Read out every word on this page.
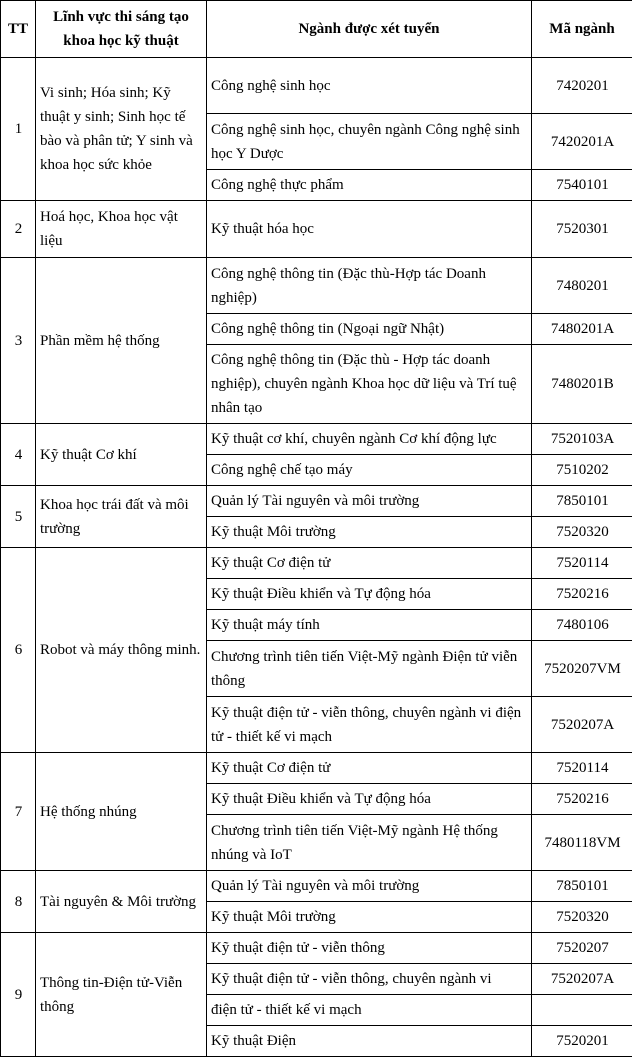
TT	Lĩnh vực thi sáng tạo khoa học kỹ thuật	Ngành được xét tuyển	Mã ngành
1	Vi sinh; Hóa sinh; Kỹ thuật y sinh; Sinh học tế bào và phân tử; Y sinh và khoa học sức khỏe	Công nghệ sinh học	7420201
		Công nghệ sinh học, chuyên ngành Công nghệ sinh học Y Dược	7420201A
		Công nghệ thực phẩm	7540101
2	Hoá học, Khoa học vật liệu	Kỹ thuật hóa học	7520301
3	Phần mềm hệ thống	Công nghệ thông tin (Đặc thù-Hợp tác Doanh nghiệp)	7480201
		Công nghệ thông tin (Ngoại ngữ Nhật)	7480201A
		Công nghệ thông tin (Đặc thù - Hợp tác doanh nghiệp), chuyên ngành Khoa học dữ liệu và Trí tuệ nhân tạo	7480201B
4	Kỹ thuật Cơ khí	Kỹ thuật cơ khí, chuyên ngành Cơ khí động lực	7520103A
		Công nghệ chế tạo máy	7510202
5	Khoa học trái đất và môi trường	Quản lý Tài nguyên và môi trường	7850101
		Kỹ thuật Môi trường	7520320
6	Robot và máy thông minh.	Kỹ thuật Cơ điện tử	7520114
		Kỹ thuật Điều khiển và Tự động hóa	7520216
		Kỹ thuật máy tính	7480106
		Chương trình tiên tiến Việt-Mỹ ngành Điện tử viễn thông	7520207VM
		Kỹ thuật điện tử - viễn thông, chuyên ngành vi điện tử - thiết kế vi mạch	7520207A
7	Hệ thống nhúng	Kỹ thuật Cơ điện tử	7520114
		Kỹ thuật Điều khiển và Tự động hóa	7520216
		Chương trình tiên tiến Việt-Mỹ ngành Hệ thống nhúng và IoT	7480118VM
8	Tài nguyên & Môi trường	Quản lý Tài nguyên và môi trường	7850101
		Kỹ thuật Môi trường	7520320
9	Thông tin-Điện tử-Viễn thông	Kỹ thuật điện tử - viễn thông	7520207
		Kỹ thuật điện tử - viễn thông, chuyên ngành vi	7520207A
		điện tử - thiết kế vi mạch	
		Kỹ thuật Điện	7520201
